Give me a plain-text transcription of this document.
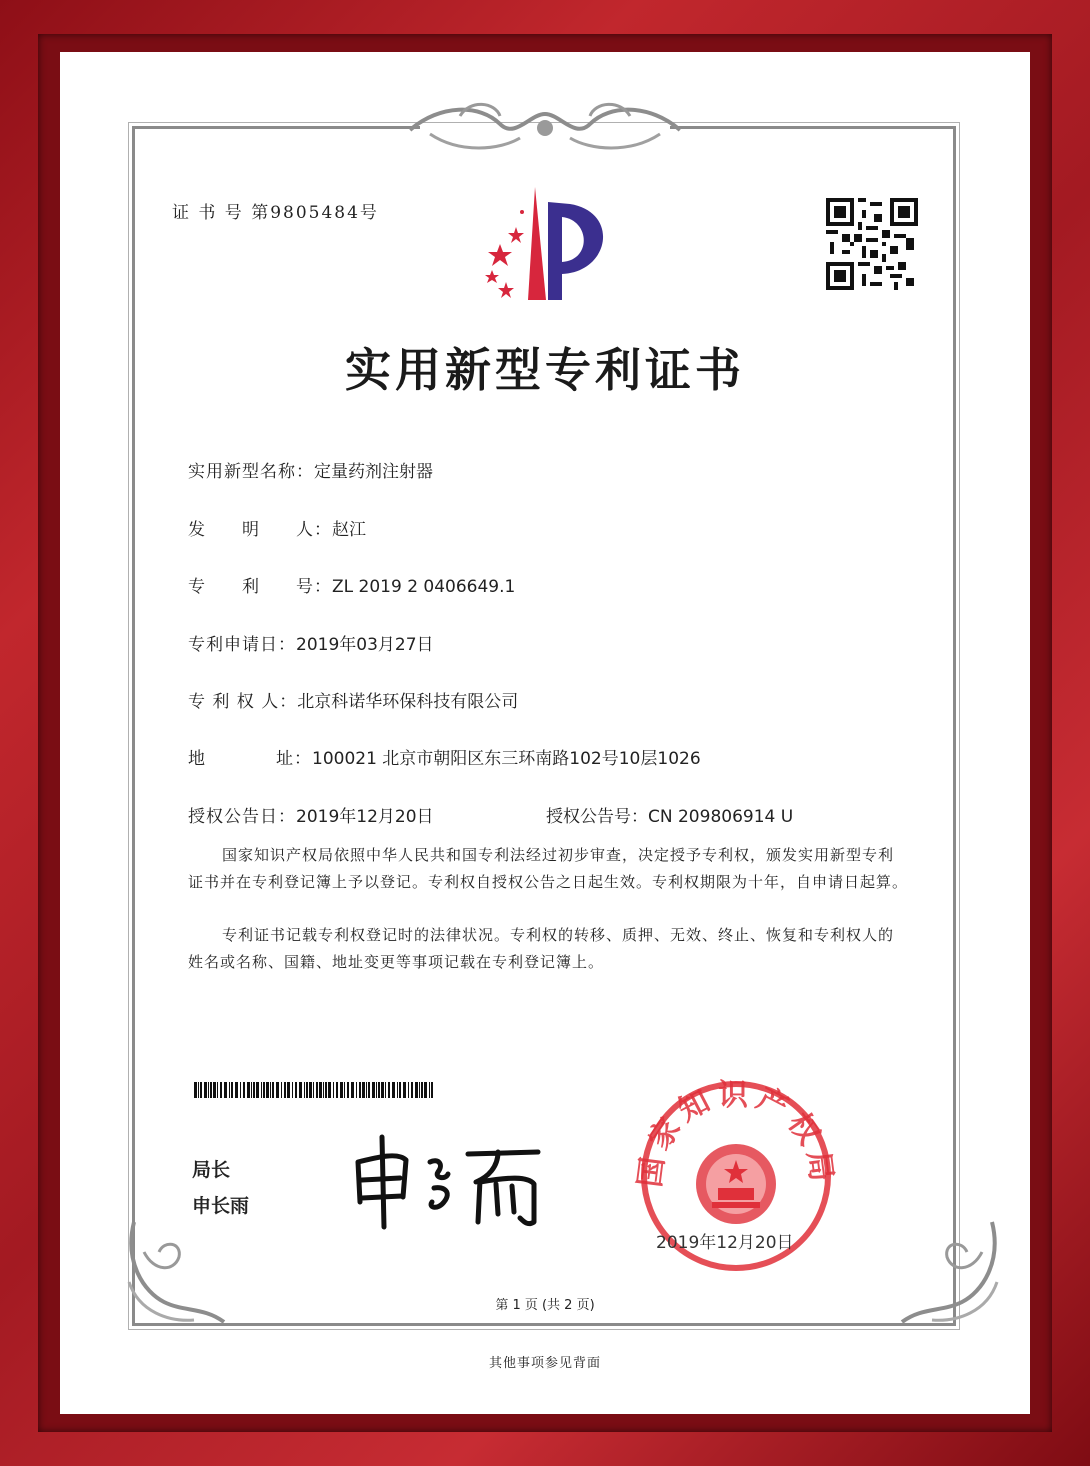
证 书 号 第9805484号
实用新型专利证书
实用新型名称：定量药剂注射器
发　　明　　人：赵江
专　　利　　号：ZL 2019 2 0406649.1
专利申请日：2019年03月27日
专 利 权 人：北京科诺华环保科技有限公司
地	址：100021 北京市朝阳区东三环南路102号10层1026
授权公告日：2019年12月20日	授权公告号：CN 209806914 U
国家知识产权局依照中华人民共和国专利法经过初步审查，决定授予专利权，颁发实用新型专利证书并在专利登记簿上予以登记。专利权自授权公告之日起生效。专利权期限为十年，自申请日起算。
专利证书记载专利权登记时的法律状况。专利权的转移、质押、无效、终止、恢复和专利权人的姓名或名称、国籍、地址变更等事项记载在专利登记簿上。
局长
申长雨
国家知识产权局
2019年12月20日
第 1 页 (共 2 页)
其他事项参见背面
